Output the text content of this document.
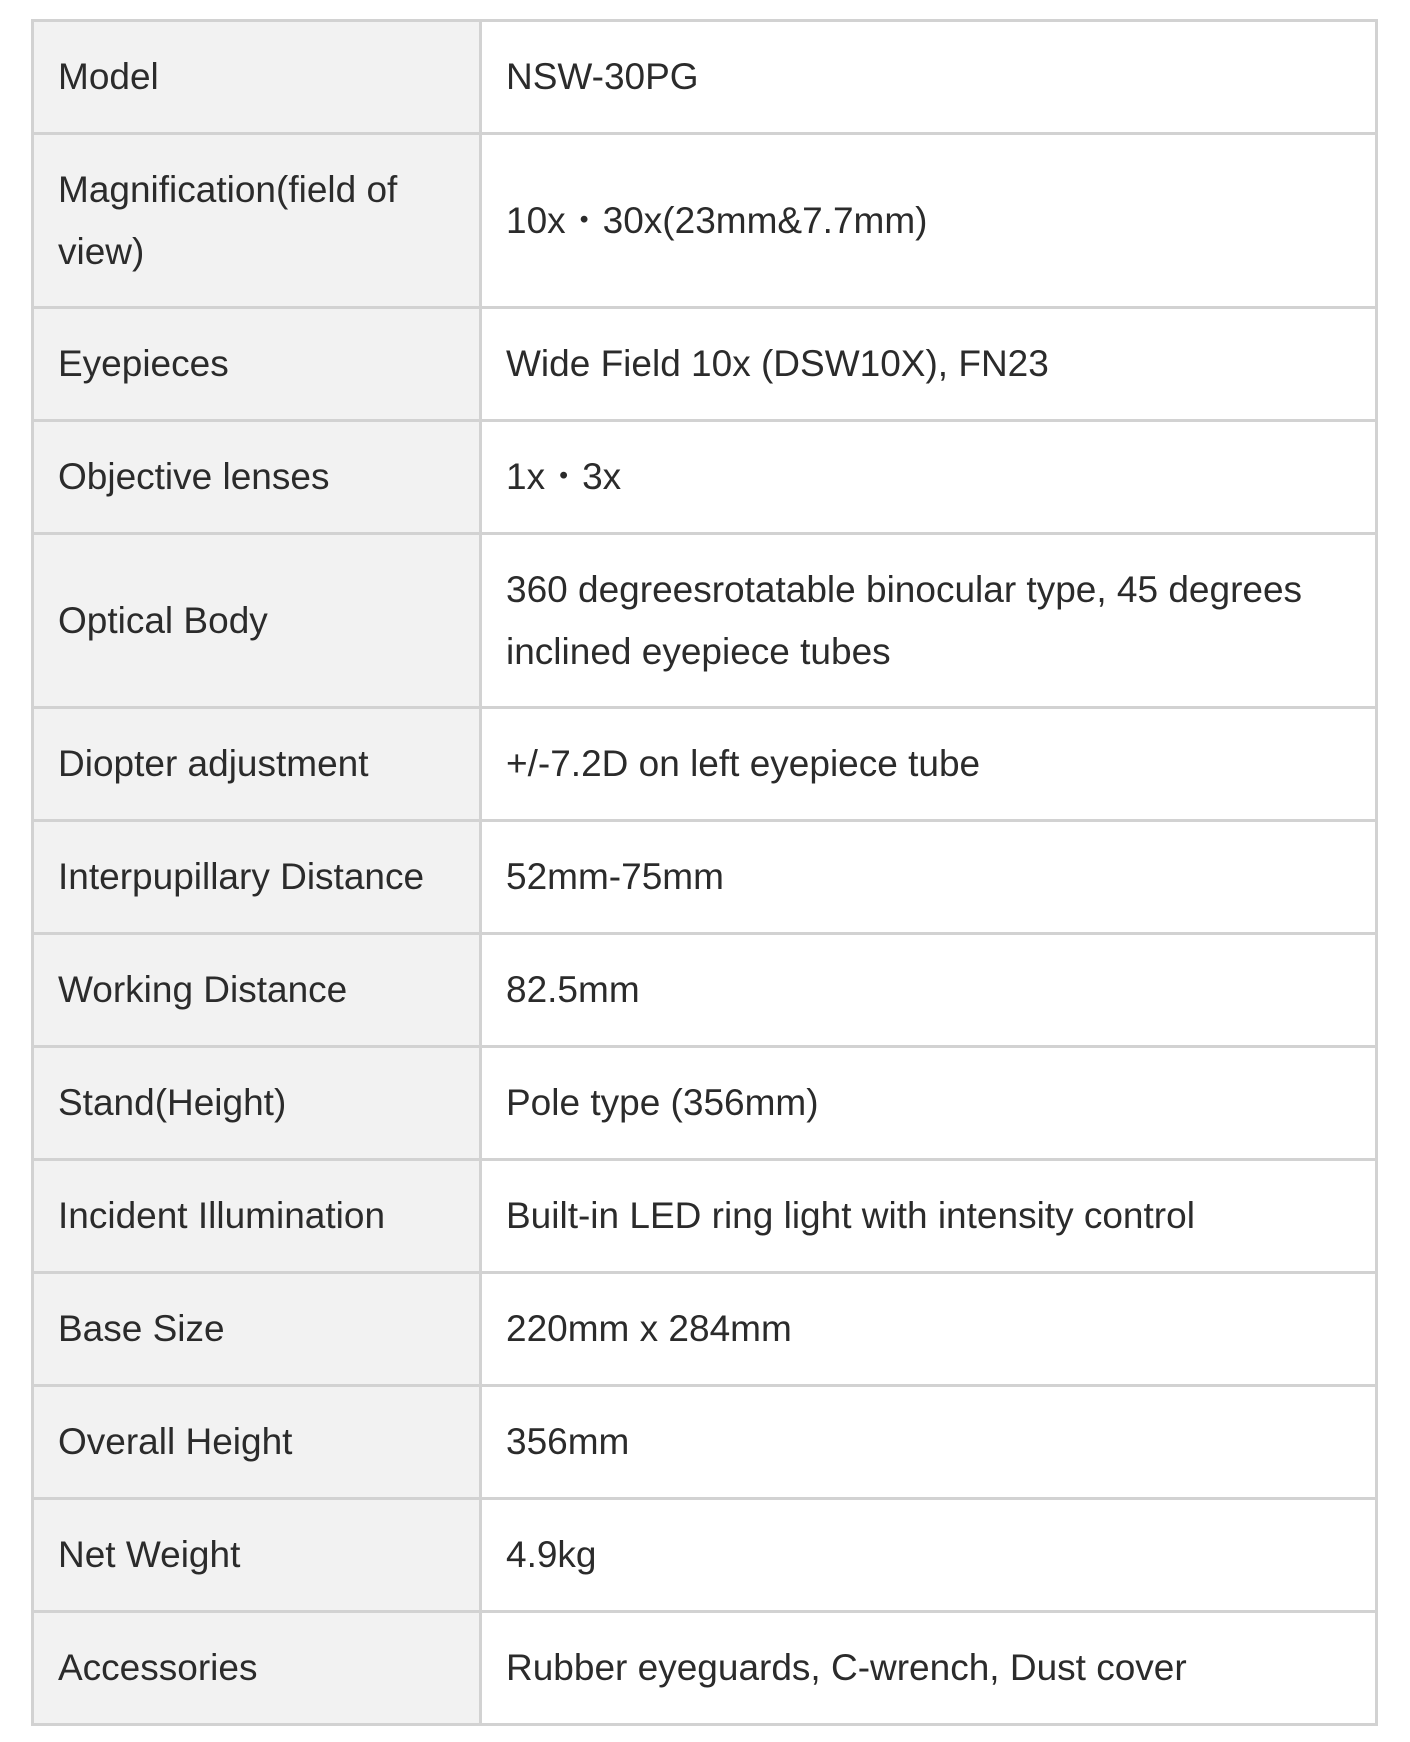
Model	NSW-30PG
Magnification(field of view)	10x・30x(23mm&7.7mm)
Eyepieces	Wide Field 10x (DSW10X), FN23
Objective lenses	1x・3x
Optical Body	360 degreesrotatable binocular type, 45 degrees inclined eyepiece tubes
Diopter adjustment	+/-7.2D on left eyepiece tube
Interpupillary Distance	52mm-75mm
Working Distance	82.5mm
Stand(Height)	Pole type (356mm)
Incident Illumination	Built-in LED ring light with intensity control
Base Size	220mm x 284mm
Overall Height	356mm
Net Weight	4.9kg
Accessories	Rubber eyeguards, C-wrench, Dust cover
